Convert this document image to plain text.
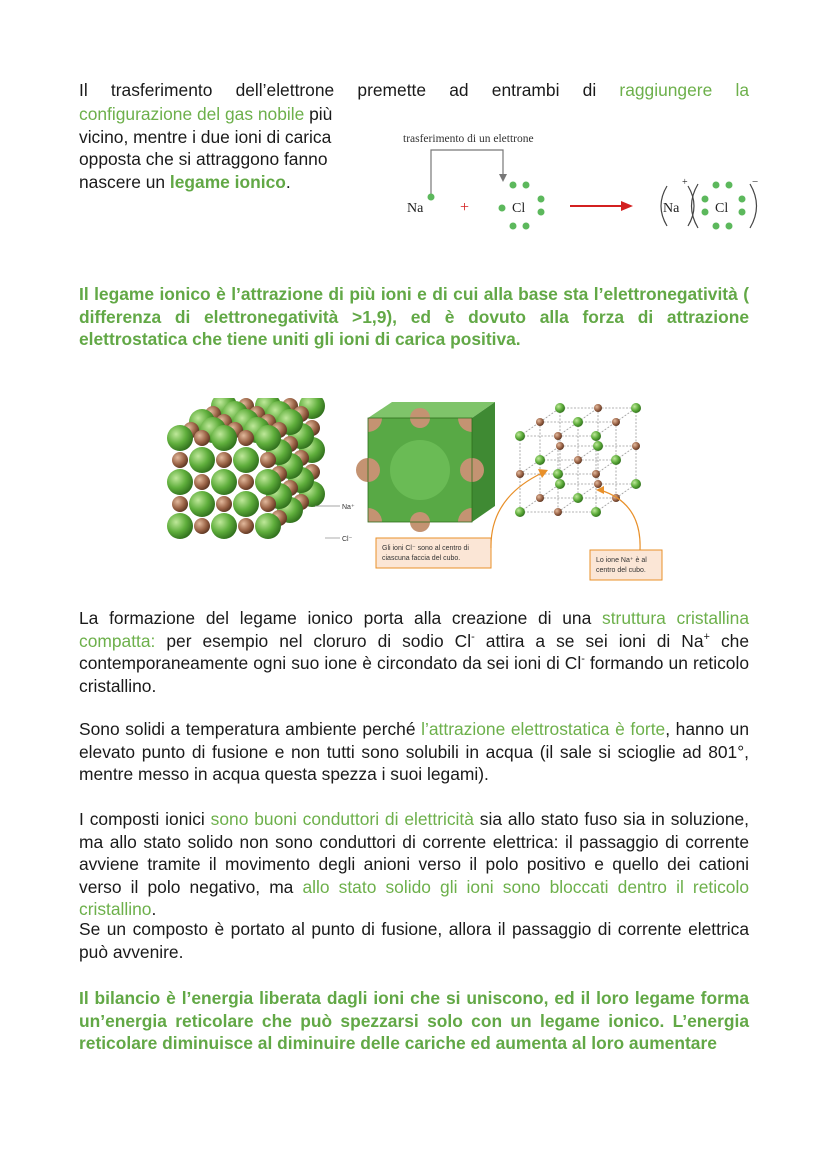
Il trasferimento dell’elettrone premette ad entrambi di raggiungere la

configurazione del gas nobile più

vicino, mentre i due ioni di carica

opposta che si attraggono fanno

nascere un legame ionico.

trasferimento di un elettrone
Na +	Cl	Na
+
Cl
−

Il legame ionico è l’attrazione di più ioni e di cui alla base sta l’elettronegatività ( differenza di elettronegatività >1,9), ed è dovuto alla forza di attrazione elettrostatica che tiene uniti gli ioni di carica positiva.

Na⁺
Cl⁻
Gli ioni Cl⁻ sono al centro di
ciascuna faccia del cubo.	Lo ione Na⁺ è al
centro del cubo.

La formazione del legame ionico porta alla creazione di una struttura cristallina compatta: per esempio nel cloruro di sodio Cl- attira a se sei ioni di Na+ che contemporaneamente ogni suo ione è circondato da sei ioni di Cl- formando un reticolo cristallino.

Sono solidi a temperatura ambiente perché l’attrazione elettrostatica è forte, hanno un elevato punto di fusione e non tutti sono solubili in acqua (il sale si scioglie ad 801°, mentre messo in acqua questa spezza i suoi legami).

I composti ionici sono buoni conduttori di elettricità sia allo stato fuso sia in soluzione, ma allo stato solido non sono conduttori di corrente elettrica: il passaggio di corrente avviene tramite il movimento degli anioni verso il polo positivo e quello dei cationi verso il polo negativo, ma allo stato solido gli ioni sono bloccati dentro il reticolo cristallino.

Se un composto è portato al punto di fusione, allora il passaggio di corrente elettrica può avvenire.

Il bilancio è l’energia liberata dagli ioni che si uniscono, ed il loro legame forma un’energia reticolare che può spezzarsi solo con un legame ionico. L’energia reticolare diminuisce al diminuire delle cariche ed aumenta al loro aumentare
